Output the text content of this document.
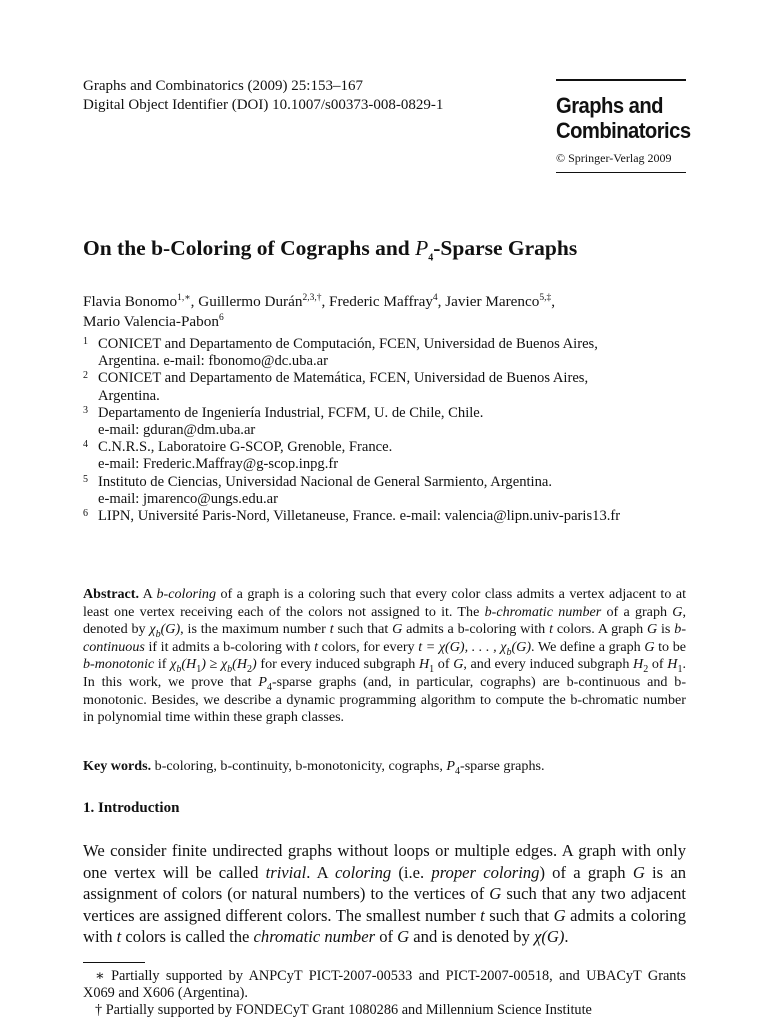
Graphs and Combinatorics (2009) 25:153–167
Digital Object Identifier (DOI) 10.1007/s00373-008-0829-1	Graphs and
Combinatorics
© Springer-Verlag 2009
On the b-Coloring of Cographs and $P_4$-Sparse Graphs
Flavia Bonomo$^{1,∗}$, Guillermo Durán$^{2,3,\dagger}$, Frederic Maffray$^4$, Javier Marenco$^{5,\ddagger}$,
Mario Valencia-Pabon$^6$
1 CONICET and Departamento de Computación, FCEN, Universidad de Buenos Aires,
Argentina. e-mail: fbonomo@dc.uba.ar
2 CONICET and Departamento de Matemática, FCEN, Universidad de Buenos Aires,
Argentina.
3 Departamento de Ingeniería Industrial, FCFM, U. de Chile, Chile.
e-mail: gduran@dm.uba.ar
4 C.N.R.S., Laboratoire G-SCOP, Grenoble, France.
e-mail: Frederic.Maffray@g-scop.inpg.fr
5 Instituto de Ciencias, Universidad Nacional de General Sarmiento, Argentina.
e-mail: jmarenco@ungs.edu.ar
6 LIPN, Université Paris-Nord, Villetaneuse, France. e-mail: valencia@lipn.univ-paris13.fr
Abstract. A b-coloring of a graph is a coloring such that every color class admits a vertex adjacent to at least one vertex receiving each of the colors not assigned to it. The b-chromatic number of a graph G, denoted by $\chi_b(G)$, is the maximum number t such that G admits a b-coloring with t colors. A graph G is b-continuous if it admits a b-coloring with t colors, for every t = χ(G), . . . , $\chi_b(G)$. We define a graph G to be b-monotonic if $\chi_b(H_1) \ge \chi_b(H_2)$ for every induced subgraph $H_1$ of G, and every induced subgraph $H_2$ of $H_1$. In this work, we prove that $P_4$-sparse graphs (and, in particular, cographs) are b-continuous and b-monotonic. Besides, we describe a dynamic programming algorithm to compute the b-chromatic number in polynomial time within these graph classes.
Key words. b-coloring, b-continuity, b-monotonicity, cographs, $P_4$-sparse graphs.
1. Introduction
We consider finite undirected graphs without loops or multiple edges. A graph with only one vertex will be called trivial. A coloring (i.e. proper coloring) of a graph G is an assignment of colors (or natural numbers) to the vertices of G such that any two adjacent vertices are assigned different colors. The smallest number t such that G admits a coloring with t colors is called the chromatic number of G and is denoted by χ(G).
∗ Partially supported by ANPCyT PICT-2007-00533 and PICT-2007-00518, and UBACyT Grants X069 and X606 (Argentina).
† Partially supported by FONDECyT Grant 1080286 and Millennium Science Institute
